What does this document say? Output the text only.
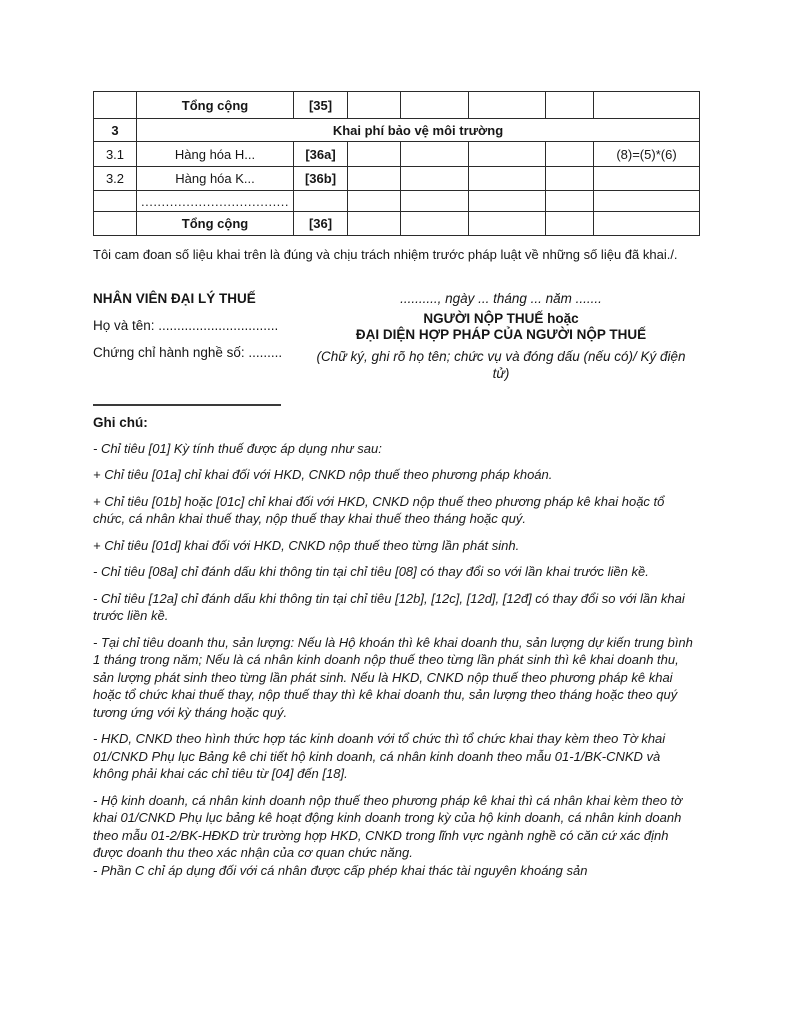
	Tổng cộng	[35]					
3	Khai phí bảo vệ môi trường						
3.1	Hàng hóa H...	[36a]					(8)=(5)*(6)
3.2	Hàng hóa K...	[36b]					
	....................................						
	Tổng cộng	[36]					
Tôi cam đoan số liệu khai trên là đúng và chịu trách nhiệm trước pháp luật về những số liệu đã khai./.
NHÂN VIÊN ĐẠI LÝ THUẾ
Họ và tên: ................................
Chứng chỉ hành nghề số: .........
.........., ngày ... tháng ... năm .......
NGƯỜI NỘP THUẾ hoặc
ĐẠI DIỆN HỢP PHÁP CỦA NGƯỜI NỘP THUẾ
(Chữ ký, ghi rõ họ tên; chức vụ và đóng dấu (nếu có)/ Ký điện tử)
Ghi chú:
- Chỉ tiêu [01] Kỳ tính thuế được áp dụng như sau:
+ Chỉ tiêu [01a] chỉ khai đối với HKD, CNKD nộp thuế theo phương pháp khoán.
+ Chỉ tiêu [01b] hoặc [01c] chỉ khai đối với HKD, CNKD nộp thuế theo phương pháp kê khai hoặc tổ chức, cá nhân khai thuế thay, nộp thuế thay khai thuế theo tháng hoặc quý.
+ Chỉ tiêu [01d] khai đối với HKD, CNKD nộp thuế theo từng lần phát sinh.
- Chỉ tiêu [08a] chỉ đánh dấu khi thông tin tại chỉ tiêu [08] có thay đổi so với lần khai trước liền kề.
- Chỉ tiêu [12a] chỉ đánh dấu khi thông tin tại chỉ tiêu [12b], [12c], [12d], [12đ] có thay đổi so với lần khai trước liền kề.
- Tại chỉ tiêu doanh thu, sản lượng: Nếu là Hộ khoán thì kê khai doanh thu, sản lượng dự kiến trung bình 1 tháng trong năm; Nếu là cá nhân kinh doanh nộp thuế theo từng lần phát sinh thì kê khai doanh thu, sản lượng phát sinh theo từng lần phát sinh. Nếu là HKD, CNKD nộp thuế theo phương pháp kê khai hoặc tổ chức khai thuế thay, nộp thuế thay thì kê khai doanh thu, sản lượng theo tháng hoặc theo quý tương ứng với kỳ tháng hoặc quý.
- HKD, CNKD theo hình thức hợp tác kinh doanh với tổ chức thì tổ chức khai thay kèm theo Tờ khai 01/CNKD Phụ lục Bảng kê chi tiết hộ kinh doanh, cá nhân kinh doanh theo mẫu 01-1/BK-CNKD và không phải khai các chỉ tiêu từ [04] đến [18].
- Hộ kinh doanh, cá nhân kinh doanh nộp thuế theo phương pháp kê khai thì cá nhân khai kèm theo tờ khai 01/CNKD Phụ lục bảng kê hoạt động kinh doanh trong kỳ của hộ kinh doanh, cá nhân kinh doanh theo mẫu 01-2/BK-HĐKD trừ trường hợp HKD, CNKD trong lĩnh vực ngành nghề có căn cứ xác định được doanh thu theo xác nhận của cơ quan chức năng.
- Phần C chỉ áp dụng đối với cá nhân được cấp phép khai thác tài nguyên khoáng sản
